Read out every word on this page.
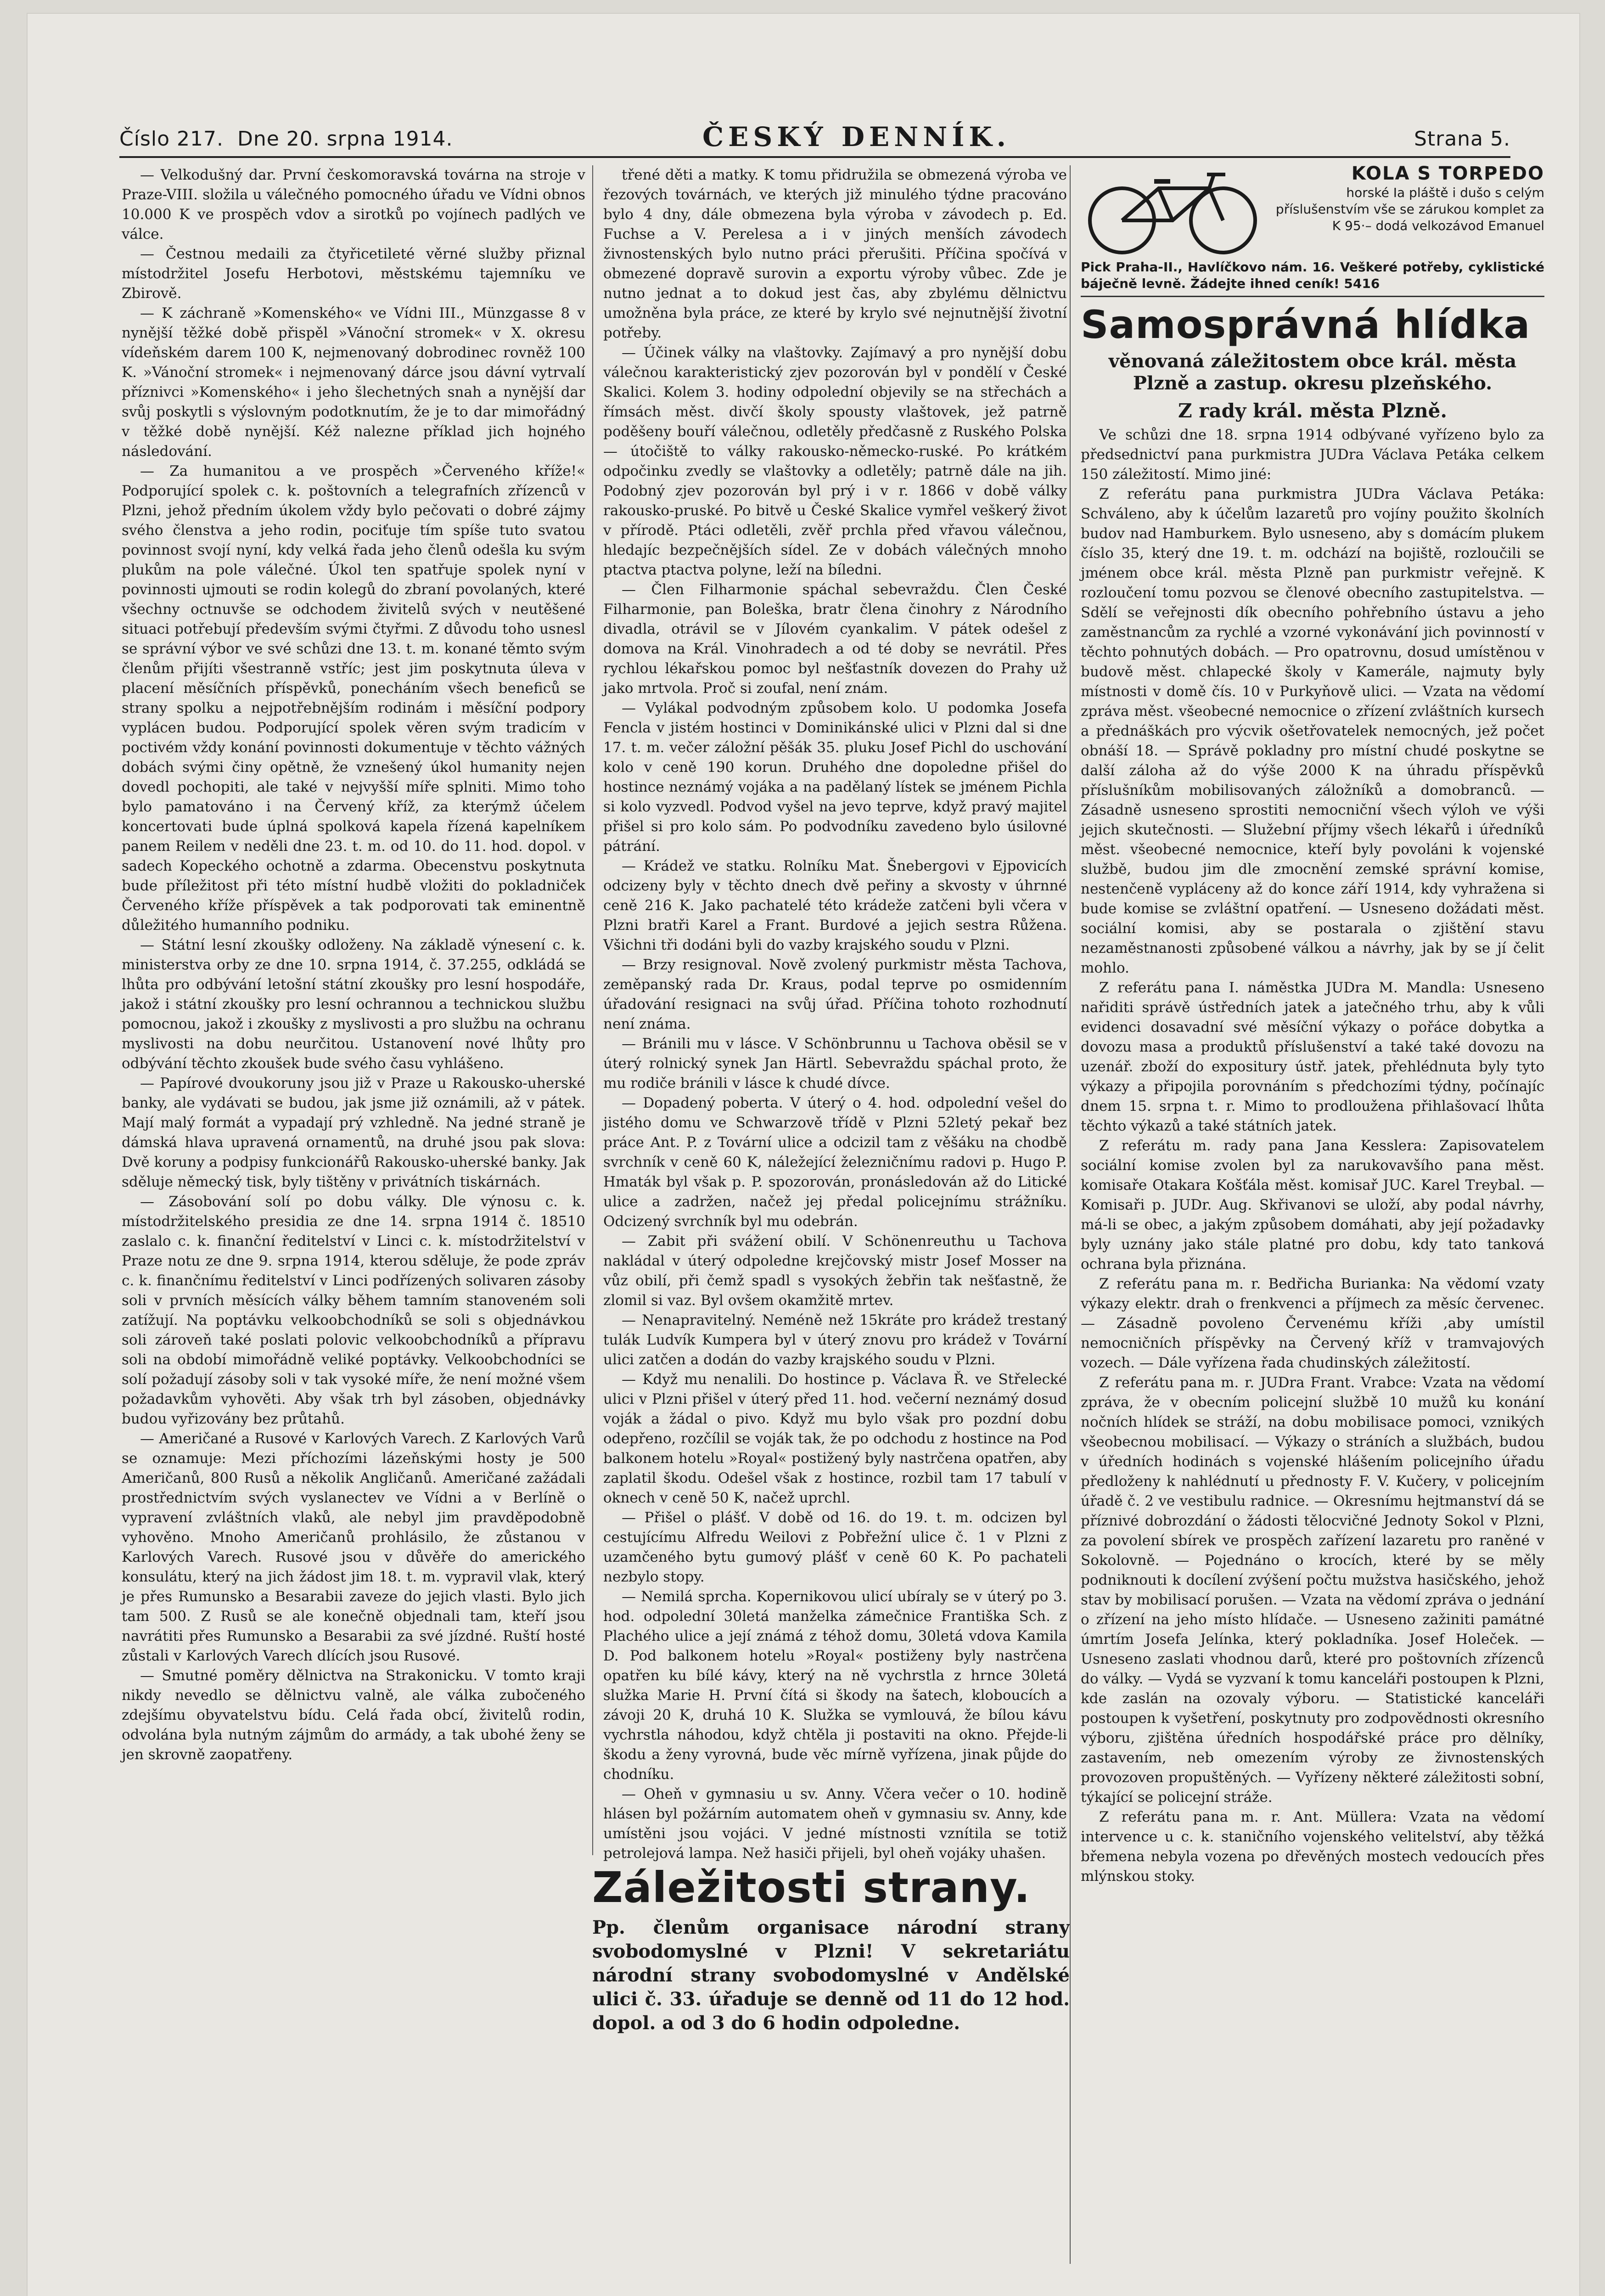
Číslo 217. Dne 20. srpna 1914.	ČESKÝ DENNÍK.	Strana 5.

— Velkodušný dar. První českomoravská továrna na stroje v Praze-VIII. složila u válečného pomocného úřadu ve Vídni obnos 10.000 K ve prospěch vdov a sirotků po vojínech padlých ve válce.

— Čestnou medaili za čtyřicetileté věrné služby přiznal místodržitel Josefu Herbotovi, městskému tajemníku ve Zbirově.

— K záchraně »Komenského« ve Vídni III., Münzgasse 8 v nynější těžké době přispěl »Vánoční stromek« v X. okresu vídeňském darem 100 K, nejmenovaný dobrodinec rovněž 100 K. »Vánoční stromek« i nejmenovaný dárce jsou dávní vytrvalí příznivci »Komenského« i jeho šlechetných snah a nynější dar svůj poskytli s výslovným podotknutím, že je to dar mimořádný v těžké době nynější. Kéž nalezne příklad jich hojného následování.

— Za humanitou a ve prospěch »Červeného kříže!« Podporující spolek c. k. poštovních a telegrafních zřízenců v Plzni, jehož předním úkolem vždy bylo pečovati o dobré zájmy svého členstva a jeho rodin, pociťuje tím spíše tuto svatou povinnost svojí nyní, kdy velká řada jeho členů odešla ku svým plukům na pole válečné. Úkol ten spatřuje spolek nyní v povinnosti ujmouti se rodin kolegů do zbraní povolaných, které všechny octnuvše se odchodem živitelů svých v neutěšené situaci potřebují především svými čtyřmi. Z důvodu toho usnesl se správní výbor ve své schůzi dne 13. t. m. konané těmto svým členům přijíti všestranně vstříc; jest jim poskytnuta úleva v placení měsíčních příspěvků, ponecháním všech beneficů se strany spolku a nejpotřebnějším rodinám i měsíční podpory vyplácen budou. Podporující spolek věren svým tradicím v poctivém vždy konání povinnosti dokumentuje v těchto vážných dobách svými činy opětně, že vznešený úkol humanity nejen dovedl pochopiti, ale také v nejvyšší míře splniti. Mimo toho bylo pamatováno i na Červený kříž, za kterýmž účelem koncertovati bude úplná spolková kapela řízená kapelníkem panem Reilem v neděli dne 23. t. m. od 10. do 11. hod. dopol. v sadech Kopeckého ochotně a zdarma. Obecenstvu poskytnuta bude příležitost při této místní hudbě vložiti do pokladniček Červeného kříže příspěvek a tak podporovati tak eminentně důležitého humanního podniku.

— Státní lesní zkoušky odloženy. Na základě výnesení c. k. ministerstva orby ze dne 10. srpna 1914, č. 37.255, odkládá se lhůta pro odbývání letošní státní zkoušky pro lesní hospodáře, jakož i státní zkoušky pro lesní ochrannou a technickou službu pomocnou, jakož i zkoušky z myslivosti a pro službu na ochranu myslivosti na dobu neurčitou. Ustanovení nové lhůty pro odbývání těchto zkoušek bude svého času vyhlášeno.

— Papírové dvoukoruny jsou již v Praze u Rakousko-uherské banky, ale vydávati se budou, jak jsme již oznámili, až v pátek. Mají malý formát a vypadají prý vzhledně. Na jedné straně je dámská hlava upravená ornamentů, na druhé jsou pak slova: Dvě koruny a podpisy funkcionářů Rakousko-uherské banky. Jak sděluje německý tisk, byly tištěny v privátních tiskárnách.

— Zásobování solí po dobu války. Dle výnosu c. k. místodržitelského presidia ze dne 14. srpna 1914 č. 18510 zaslalo c. k. finanční ředitelství v Linci c. k. místodržitelství v Praze notu ze dne 9. srpna 1914, kterou sděluje, že pode zpráv c. k. finančnímu ředitelství v Linci podřízených solivaren zásoby soli v prvních měsících války během tamním stanoveném soli zatížují. Na poptávku velkoobchodníků se soli s objednávkou soli zároveň také poslati polovic velkoobchodníků a přípravu soli na období mimořádně veliké poptávky. Velkoobchodníci se solí požadují zásoby soli v tak vysoké míře, že není možné všem požadavkům vyhověti. Aby však trh byl zásoben, objednávky budou vyřizovány bez průtahů.

— Američané a Rusové v Karlových Varech. Z Karlových Varů se oznamuje: Mezi příchozími lázeňskými hosty je 500 Američanů, 800 Rusů a několik Angličanů. Američané zažádali prostřednictvím svých vyslanectev ve Vídni a v Berlíně o vypravení zvláštních vlaků, ale nebyl jim pravděpodobně vyhověno. Mnoho Američanů prohlásilo, že zůstanou v Karlových Varech. Rusové jsou v důvěře do amerického konsulátu, který na jich žádost jim 18. t. m. vypravil vlak, který je přes Rumunsko a Besarabii zaveze do jejich vlasti. Bylo jich tam 500. Z Rusů se ale konečně objednali tam, kteří jsou navrátiti přes Rumunsko a Besarabii za své jízdné. Ruští hosté zůstali v Karlových Varech dlících jsou Rusové.

— Smutné poměry dělnictva na Strakonicku. V tomto kraji nikdy nevedlo se dělnictvu valně, ale válka zubočeného zdejšímu obyvatelstvu bídu. Celá řada obcí, živitelů rodin, odvolána byla nutným zájmům do armády, a tak ubohé ženy se jen skrovně zaopatřeny.

třené děti a matky. K tomu přidružila se obmezená výroba ve řezových továrnách, ve kterých již minulého týdne pracováno bylo 4 dny, dále obmezena byla výroba v závodech p. Ed. Fuchse a V. Perelesa a i v jiných menších závodech živnostenských bylo nutno práci přerušiti. Příčina spočívá v obmezené dopravě surovin a exportu výroby vůbec. Zde je nutno jednat a to dokud jest čas, aby zbylému dělnictvu umožněna byla práce, ze které by krylo své nejnutnější životní potřeby.

— Účinek války na vlaštovky. Zajímavý a pro nynější dobu válečnou karakteristický zjev pozorován byl v pondělí v České Skalici. Kolem 3. hodiny odpolední objevily se na střechách a římsách měst. divčí školy spousty vlaštovek, jež patrně poděšeny bouří válečnou, odletěly předčasně z Ruského Polska — útočiště to války rakousko-německo-ruské. Po krátkém odpočinku zvedly se vlaštovky a odletěly; patrně dále na jih. Podobný zjev pozorován byl prý i v r. 1866 v době války rakousko-pruské. Po bitvě u České Skalice vymřel veškerý život v přírodě. Ptáci odletěli, zvěř prchla před vřavou válečnou, hledajíc bezpečnějších sídel. Ze v dobách válečných mnoho ptactva ptactva polyne, leží na bíledni.

— Člen Filharmonie spáchal sebevraždu. Člen České Filharmonie, pan Boleška, bratr člena činohry z Národního divadla, otrávil se v Jílovém cyankalim. V pátek odešel z domova na Král. Vinohradech a od té doby se nevrátil. Přes rychlou lékařskou pomoc byl nešťastník dovezen do Prahy už jako mrtvola. Proč si zoufal, není znám.

— Vylákal podvodným způsobem kolo. U podomka Josefa Fencla v jistém hostinci v Dominikánské ulici v Plzni dal si dne 17. t. m. večer záložní pěšák 35. pluku Josef Pichl do uschování kolo v ceně 190 korun. Druhého dne dopoledne přišel do hostince neznámý vojáka a na padělaný lístek se jménem Pichla si kolo vyzvedl. Podvod vyšel na jevo teprve, když pravý majitel přišel si pro kolo sám. Po podvodníku zavedeno bylo úsilovné pátrání.

— Krádež ve statku. Rolníku Mat. Šnebergovi v Ejpovicích odcizeny byly v těchto dnech dvě peřiny a skvosty v úhrnné ceně 216 K. Jako pachatelé této krádeže zatčeni byli včera v Plzni bratři Karel a Frant. Burdové a jejich sestra Růžena. Všichni tři dodáni byli do vazby krajského soudu v Plzni.

— Brzy resignoval. Nově zvolený purkmistr města Tachova, zeměpanský rada Dr. Kraus, podal teprve po osmidenním úřadování resignaci na svůj úřad. Příčina tohoto rozhodnutí není známa.

— Bránili mu v lásce. V Schönbrunnu u Tachova oběsil se v úterý rolnický synek Jan Härtl. Sebevraždu spáchal proto, že mu rodiče bránili v lásce k chudé dívce.

— Dopadený poberta. V úterý o 4. hod. odpolední vešel do jistého domu ve Schwarzově třídě v Plzni 52letý pekař bez práce Ant. P. z Tovární ulice a odcizil tam z věšáku na chodbě svrchník v ceně 60 K, náležející železničnímu radovi p. Hugo P. Hmaták byl však p. P. spozorován, pronásledován až do Litické ulice a zadržen, načež jej předal policejnímu strážníku. Odcizený svrchník byl mu odebrán.

— Zabit při svážení obilí. V Schönenreuthu u Tachova nakládal v úterý odpoledne krejčovský mistr Josef Mosser na vůz obilí, při čemž spadl s vysokých žebřin tak nešťastně, že zlomil si vaz. Byl ovšem okamžitě mrtev.

— Nenapravitelný. Neméně než 15kráte pro krádež trestaný tulák Ludvík Kumpera byl v úterý znovu pro krádež v Tovární ulici zatčen a dodán do vazby krajského soudu v Plzni.

— Když mu nenalili. Do hostince p. Václava Ř. ve Střelecké ulici v Plzni přišel v úterý před 11. hod. večerní neznámý dosud voják a žádal o pivo. Když mu bylo však pro pozdní dobu odepřeno, rozčílil se voják tak, že po odchodu z hostince na Pod balkonem hotelu »Royal« postižený byly nastrčena opatřen, aby zaplatil škodu. Odešel však z hostince, rozbil tam 17 tabulí v oknech v ceně 50 K, načež uprchl.

— Přišel o plášť. V době od 16. do 19. t. m. odcizen byl cestujícímu Alfredu Weilovi z Pobřežní ulice č. 1 v Plzni z uzamčeného bytu gumový plášť v ceně 60 K. Po pachateli nezbylo stopy.

— Nemilá sprcha. Kopernikovou ulicí ubíraly se v úterý po 3. hod. odpolední 30letá manželka zámečnice Františka Sch. z Plachého ulice a její známá z téhož domu, 30letá vdova Kamila D. Pod balkonem hotelu »Royal« postiženy byly nastrčena opatřen ku bílé kávy, který na ně vychrstla z hrnce 30letá služka Marie H. První čítá si škody na šatech, kloboucích a závoji 20 K, druhá 10 K. Služka se vymlouvá, že bílou kávu vychrstla náhodou, když chtěla ji postaviti na okno. Přejde-li škodu a ženy vyrovná, bude věc mírně vyřízena, jinak půjde do chodníku.

— Oheň v gymnasiu u sv. Anny. Včera večer o 10. hodině hlásen byl požárním automatem oheň v gymnasiu sv. Anny, kde umístěni jsou vojáci. V jedné místnosti vznítila se totiž petrolejová lampa. Než hasiči přijeli, byl oheň vojáky uhašen.

Záležitosti strany.
Pp. členům organisace národní strany svobodomyslné v Plzni! V sekretariátu národní strany svobodomyslné v Andělské ulici č. 33. úřaduje se denně od 11 do 12 hod. dopol. a od 3 do 6 hodin odpoledne.
KOLA S TORPEDO
horské Ia pláště i dušo s celým příslušenstvím vše se zárukou komplet za K 95·– dodá velkozávod Emanuel
Pick Praha-II., Havlíčkovo nám. 16. Veškeré potřeby, cyklistické báječně levně. Žádejte ihned ceník! 5416
Samosprávná hlídka
věnovaná záležitostem obce král. města Plzně a zastup. okresu plzeňského.
Z rady král. města Plzně.

Ve schůzi dne 18. srpna 1914 odbývané vyřízeno bylo za předsednictví pana purkmistra JUDra Václava Petáka celkem 150 záležitostí. Mimo jiné:

Z referátu pana purkmistra JUDra Václava Petáka: Schváleno, aby k účelům lazaretů pro vojíny použito školních budov nad Hamburkem. Bylo usneseno, aby s domácím plukem číslo 35, který dne 19. t. m. odchází na bojiště, rozloučili se jménem obce král. města Plzně pan purkmistr veřejně. K rozloučení tomu pozvou se členové obecního zastupitelstva. — Sdělí se veřejnosti dík obecního pohřebního ústavu a jeho zaměstnancům za rychlé a vzorné vykonávání jich povinností v těchto pohnutých dobách. — Pro opatrovnu, dosud umístěnou v budově měst. chlapecké školy v Kamerále, najmuty byly místnosti v domě čís. 10 v Purkyňově ulici. — Vzata na vědomí zpráva měst. všeobecné nemocnice o zřízení zvláštních kursech a přednáškách pro výcvik ošetřovatelek nemocných, jež počet obnáší 18. — Správě pokladny pro místní chudé poskytne se další záloha až do výše 2000 K na úhradu příspěvků příslušníkům mobilisovaných záložníků a domobranců. — Zásadně usneseno sprostiti nemocniční všech výloh ve výši jejich skutečnosti. — Služební příjmy všech lékařů i úředníků měst. všeobecné nemocnice, kteří byly povoláni k vojenské službě, budou jim dle zmocnění zemské správní komise, nestenčeně vypláceny až do konce září 1914, kdy vyhražena si bude komise se zvláštní opatření. — Usneseno dožádati měst. sociální komisi, aby se postarala o zjištění stavu nezaměstnanosti způsobené válkou a návrhy, jak by se jí čelit mohlo.

Z referátu pana I. náměstka JUDra M. Mandla: Usneseno nařiditi správě ústředních jatek a jatečného trhu, aby k vůli evidenci dosavadní své měsíční výkazy o pořáce dobytka a dovozu masa a produktů příslušenství a také také dovozu na uzenář. zboží do expositury ústř. jatek, přehlédnuta byly tyto výkazy a připojila porovnáním s předchozími týdny, počínajíc dnem 15. srpna t. r. Mimo to prodloužena přihlašovací lhůta těchto výkazů a také státních jatek.

Z referátu m. rady pana Jana Kesslera: Zapisovatelem sociální komise zvolen byl za narukovavšího pana měst. komisaře Otakara Košťála měst. komisař JUC. Karel Treybal. — Komisaři p. JUDr. Aug. Skřivanovi se uloží, aby podal návrhy, má-li se obec, a jakým způsobem domáhati, aby její požadavky byly uznány jako stále platné pro dobu, kdy tato tanková ochrana byla přiznána.

Z referátu pana m. r. Bedřicha Burianka: Na vědomí vzaty výkazy elektr. drah o frenkvenci a příjmech za měsíc červenec. — Zásadně povoleno Červenému kříži ,aby umístil nemocničních příspěvky na Červený kříž v tramvajových vozech. — Dále vyřízena řada chudinských záležitostí.

Z referátu pana m. r. JUDra Frant. Vrabce: Vzata na vědomí zpráva, že v obecním policejní službě 10 mužů ku konání nočních hlídek se stráží, na dobu mobilisace pomoci, vznikých všeobecnou mobilisací. — Výkazy o stráních a službách, budou v úředních hodinách s vojenské hlášením policejního úřadu předloženy k nahlédnutí u přednosty F. V. Kučery, v policejním úřadě č. 2 ve vestibulu radnice. — Okresnímu hejtmanství dá se příznivé dobrozdání o žádosti tělocvičné Jednoty Sokol v Plzni, za povolení sbírek ve prospěch zařízení lazaretu pro raněné v Sokolovně. — Pojednáno o krocích, které by se měly podniknouti k docílení zvýšení počtu mužstva hasičského, jehož stav by mobilisací porušen. — Vzata na vědomí zpráva o jednání o zřízení na jeho místo hlídače. — Usneseno zažiniti památné úmrtím Josefa Jelínka, který pokladníka. Josef Holeček. — Usneseno zaslati vhodnou darů, které pro poštovních zřízenců do války. — Vydá se vyzvaní k tomu kanceláři postoupen k Plzni, kde zaslán na ozovaly výboru. — Statistické kanceláři postoupen k vyšetření, poskytnuty pro zodpovědnosti okresního výboru, zjištěna úředních hospodářské práce pro dělníky, zastavením, neb omezením výroby ze živnostenských provozoven propuštěných. — Vyřízeny některé záležitosti sobní, týkající se policejní stráže.

Z referátu pana m. r. Ant. Müllera: Vzata na vědomí intervence u c. k. staničního vojenského velitelství, aby těžká břemena nebyla vozena po dřevěných mostech vedoucích přes mlýnskou stoky.
